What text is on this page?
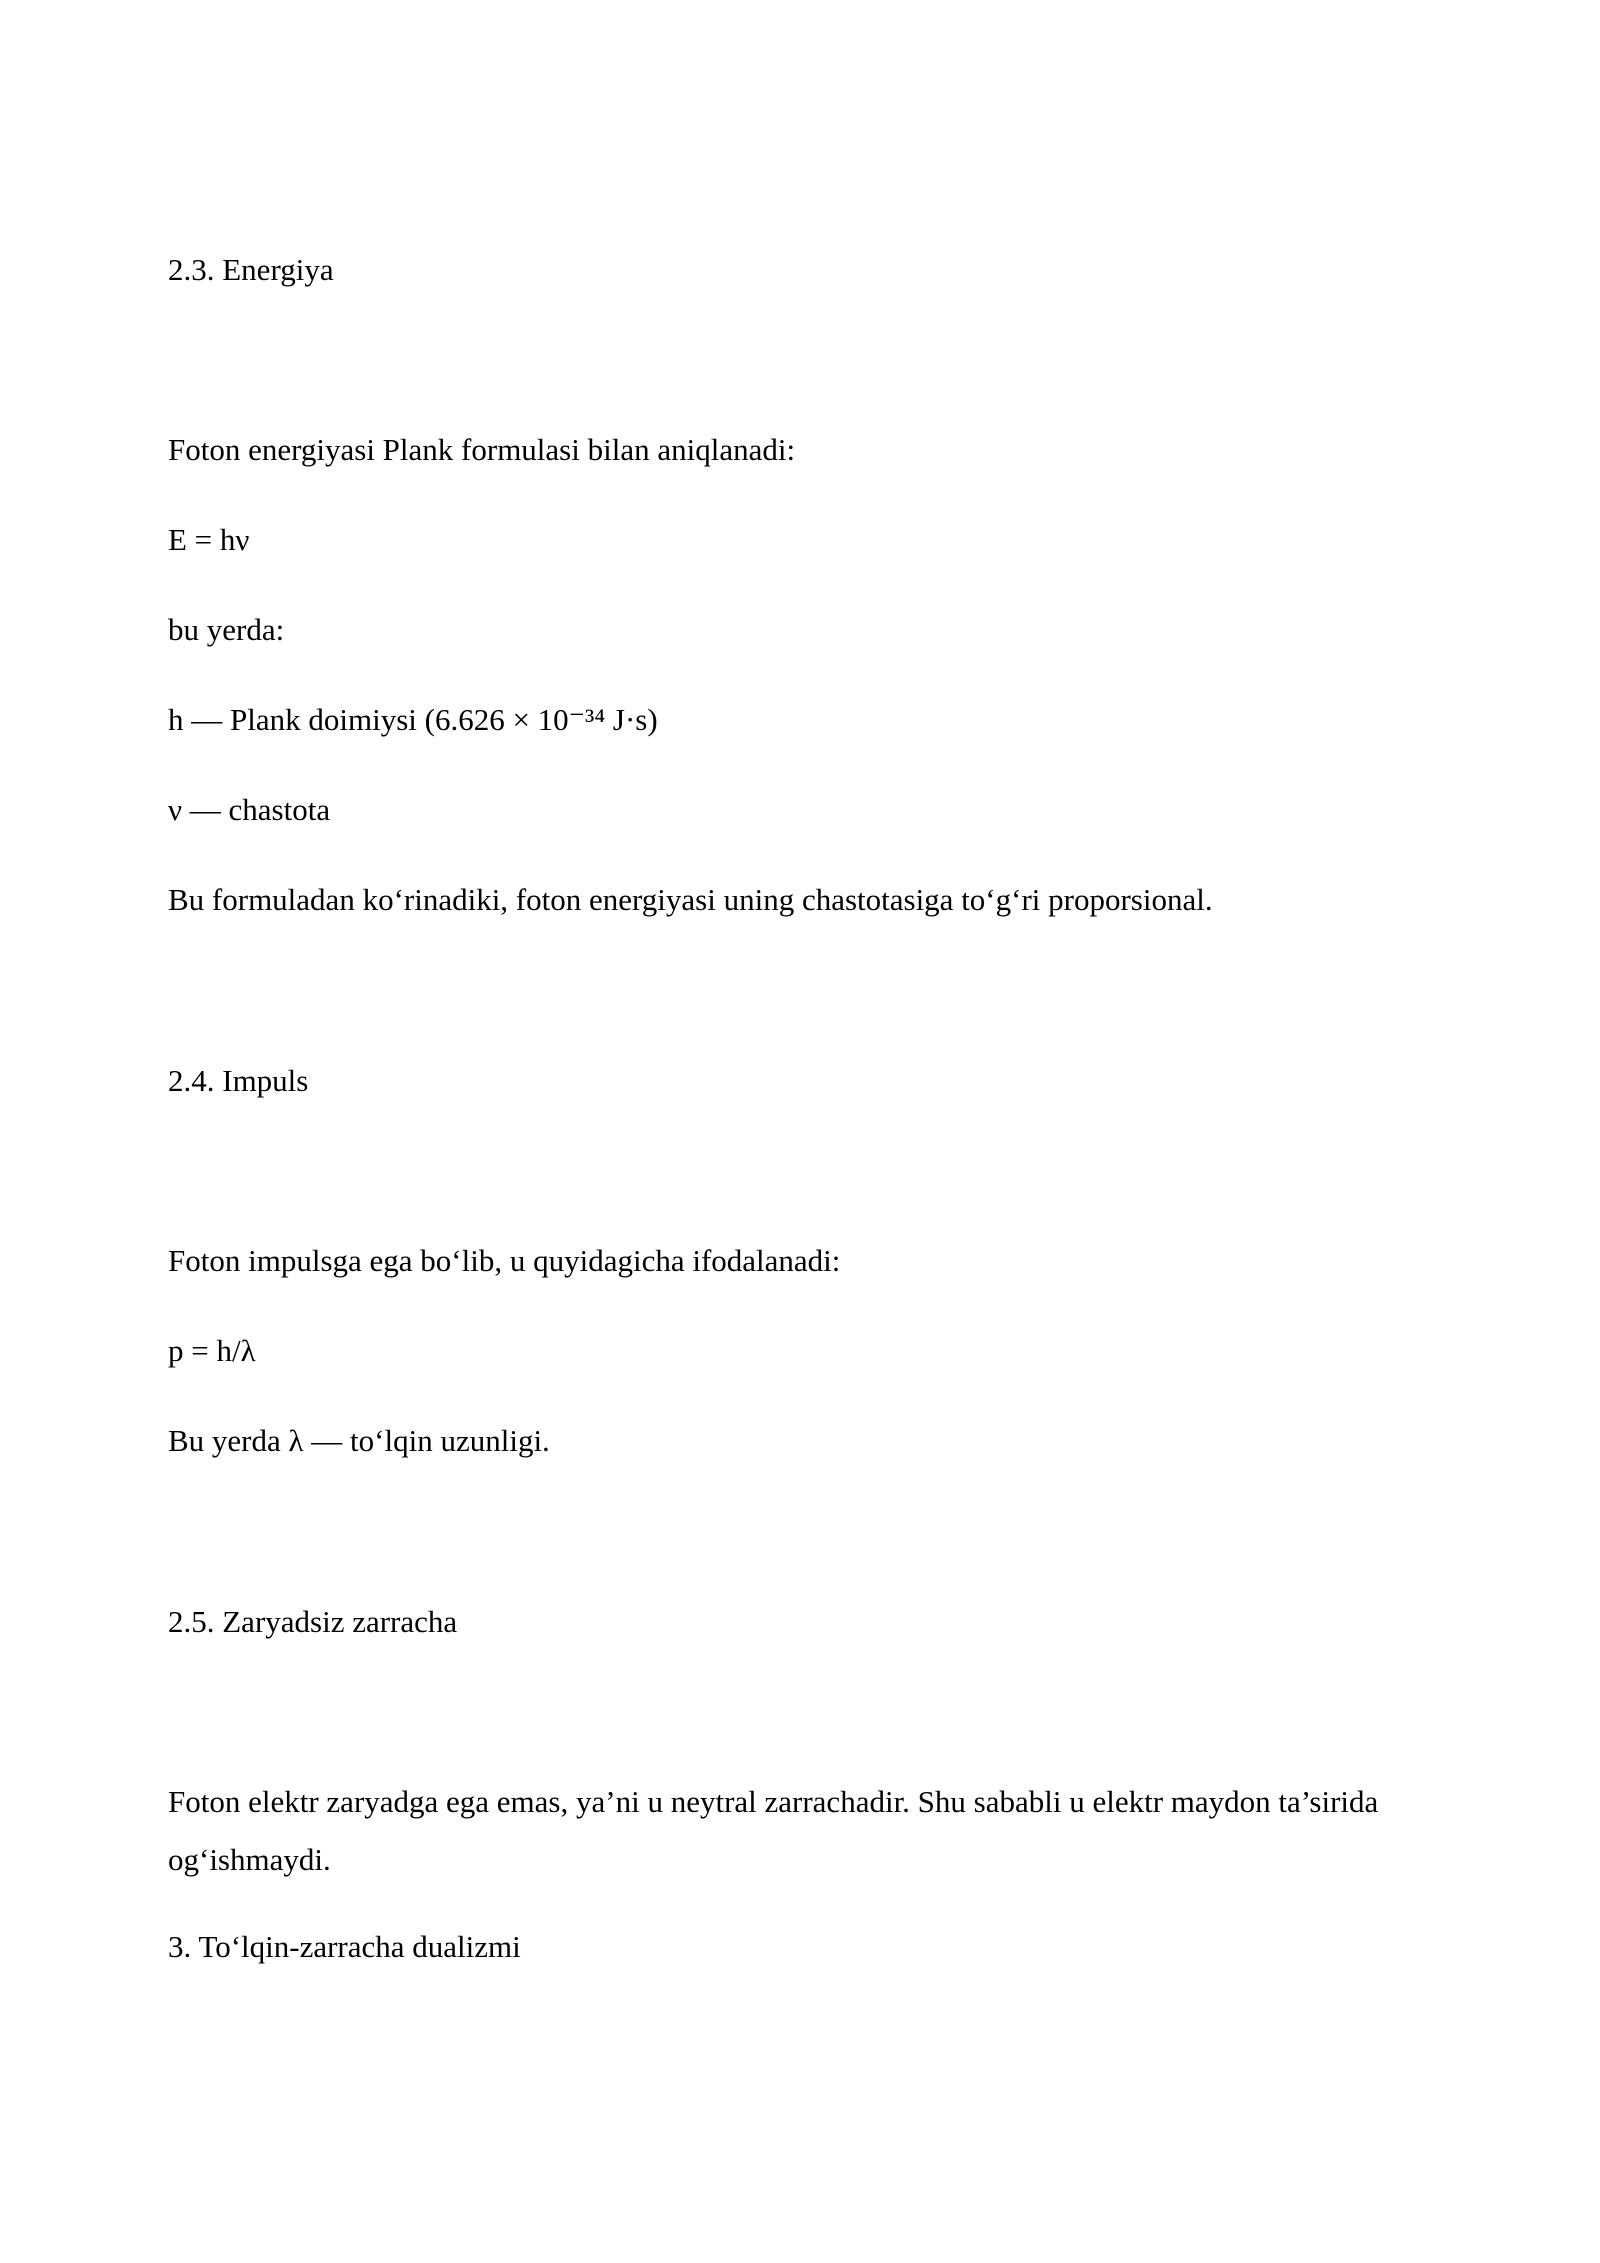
2.3. Energiya
Foton energiyasi Plank formulasi bilan aniqlanadi:
E = hν
bu yerda:
h — Plank doimiysi (6.626 × 10⁻³⁴ J·s)
ν — chastota
Bu formuladan ko‘rinadiki, foton energiyasi uning chastotasiga to‘g‘ri proporsional.
2.4. Impuls
Foton impulsga ega bo‘lib, u quyidagicha ifodalanadi:
p = h/λ
Bu yerda λ — to‘lqin uzunligi.
2.5. Zaryadsiz zarracha
Foton elektr zaryadga ega emas, ya’ni u neytral zarrachadir. Shu sababli u elektr maydon ta’sirida og‘ishmaydi.
3. To‘lqin-zarracha dualizmi
